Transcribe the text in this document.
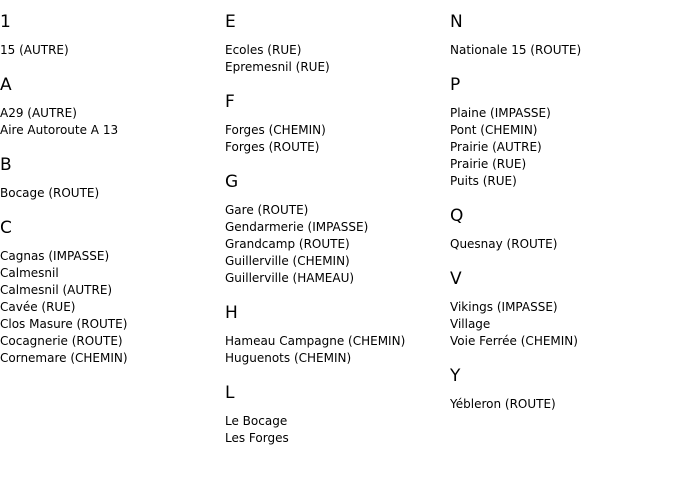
1
15 (AUTRE)
A
A29 (AUTRE)
Aire Autoroute A 13
B
Bocage (ROUTE)
C
Cagnas (IMPASSE)
Calmesnil
Calmesnil (AUTRE)
Cavée (RUE)
Clos Masure (ROUTE)
Cocagnerie (ROUTE)
Cornemare (CHEMIN)
E
Ecoles (RUE)
Epremesnil (RUE)
F
Forges (CHEMIN)
Forges (ROUTE)
G
Gare (ROUTE)
Gendarmerie (IMPASSE)
Grandcamp (ROUTE)
Guillerville (CHEMIN)
Guillerville (HAMEAU)
H
Hameau Campagne (CHEMIN)
Huguenots (CHEMIN)
L
Le Bocage
Les Forges
N
Nationale 15 (ROUTE)
P
Plaine (IMPASSE)
Pont (CHEMIN)
Prairie (AUTRE)
Prairie (RUE)
Puits (RUE)
Q
Quesnay (ROUTE)
V
Vikings (IMPASSE)
Village
Voie Ferrée (CHEMIN)
Y
Yébleron (ROUTE)
